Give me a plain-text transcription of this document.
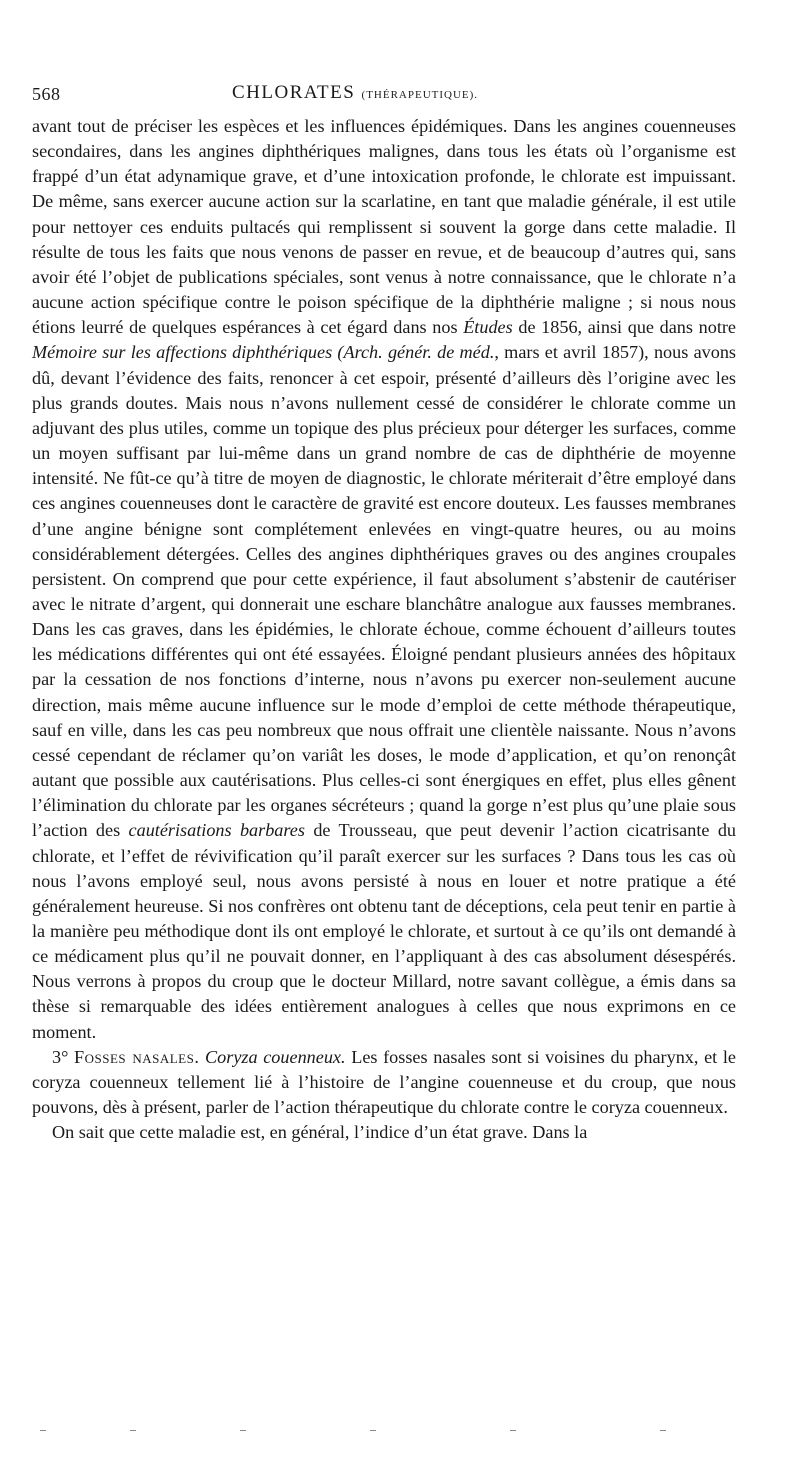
568	CHLORATES (THÉRAPEUTIQUE).

avant tout de préciser les espèces et les influences épidémiques. Dans les angines couenneuses secondaires, dans les angines diphthériques malignes, dans tous les états où l’organisme est frappé d’un état adynamique grave, et d’une intoxication profonde, le chlorate est impuissant. De même, sans exercer aucune action sur la scarlatine, en tant que maladie générale, il est utile pour nettoyer ces enduits pultacés qui remplissent si souvent la gorge dans cette maladie. Il résulte de tous les faits que nous venons de passer en revue, et de beaucoup d’autres qui, sans avoir été l’objet de publications spéciales, sont venus à notre connaissance, que le chlorate n’a aucune action spécifique contre le poison spécifique de la diphthérie maligne ; si nous nous étions leurré de quelques espérances à cet égard dans nos Études de 1856, ainsi que dans notre Mémoire sur les affections diphthériques (Arch. génér. de méd., mars et avril 1857), nous avons dû, devant l’évidence des faits, renoncer à cet espoir, présenté d’ailleurs dès l’origine avec les plus grands doutes. Mais nous n’avons nullement cessé de considérer le chlorate comme un adjuvant des plus utiles, comme un topique des plus précieux pour déterger les surfaces, comme un moyen suffisant par lui-même dans un grand nombre de cas de diphthérie de moyenne intensité. Ne fût-ce qu’à titre de moyen de diagnostic, le chlorate mériterait d’être employé dans ces angines couenneuses dont le caractère de gravité est encore douteux. Les fausses membranes d’une angine bénigne sont complétement enlevées en vingt-quatre heures, ou au moins considérablement détergées. Celles des angines diphthériques graves ou des angines croupales persistent. On comprend que pour cette expérience, il faut absolument s’abstenir de cautériser avec le nitrate d’argent, qui donnerait une eschare blanchâtre analogue aux fausses membranes. Dans les cas graves, dans les épidémies, le chlorate échoue, comme échouent d’ailleurs toutes les médications différentes qui ont été essayées. Éloigné pendant plusieurs années des hôpitaux par la cessation de nos fonctions d’interne, nous n’avons pu exercer non-seulement aucune direction, mais même aucune influence sur le mode d’emploi de cette méthode thérapeutique, sauf en ville, dans les cas peu nombreux que nous offrait une clientèle naissante. Nous n’avons cessé cependant de réclamer qu’on variât les doses, le mode d’application, et qu’on renonçât autant que possible aux cautérisations. Plus celles-ci sont énergiques en effet, plus elles gênent l’élimination du chlorate par les organes sécréteurs ; quand la gorge n’est plus qu’une plaie sous l’action des cautérisations barbares de Trousseau, que peut devenir l’action cicatrisante du chlorate, et l’effet de révivification qu’il paraît exercer sur les surfaces ? Dans tous les cas où nous l’avons employé seul, nous avons persisté à nous en louer et notre pratique a été généralement heureuse. Si nos confrères ont obtenu tant de déceptions, cela peut tenir en partie à la manière peu méthodique dont ils ont employé le chlorate, et surtout à ce qu’ils ont demandé à ce médicament plus qu’il ne pouvait donner, en l’appliquant à des cas absolument désespérés. Nous verrons à propos du croup que le docteur Millard, notre savant collègue, a émis dans sa thèse si remarquable des idées entièrement analogues à celles que nous exprimons en ce moment.

3° Fosses nasales. Coryza couenneux. Les fosses nasales sont si voisines du pharynx, et le coryza couenneux tellement lié à l’histoire de l’angine couenneuse et du croup, que nous pouvons, dès à présent, parler de l’action thérapeutique du chlorate contre le coryza couenneux.

On sait que cette maladie est, en général, l’indice d’un état grave. Dans la
